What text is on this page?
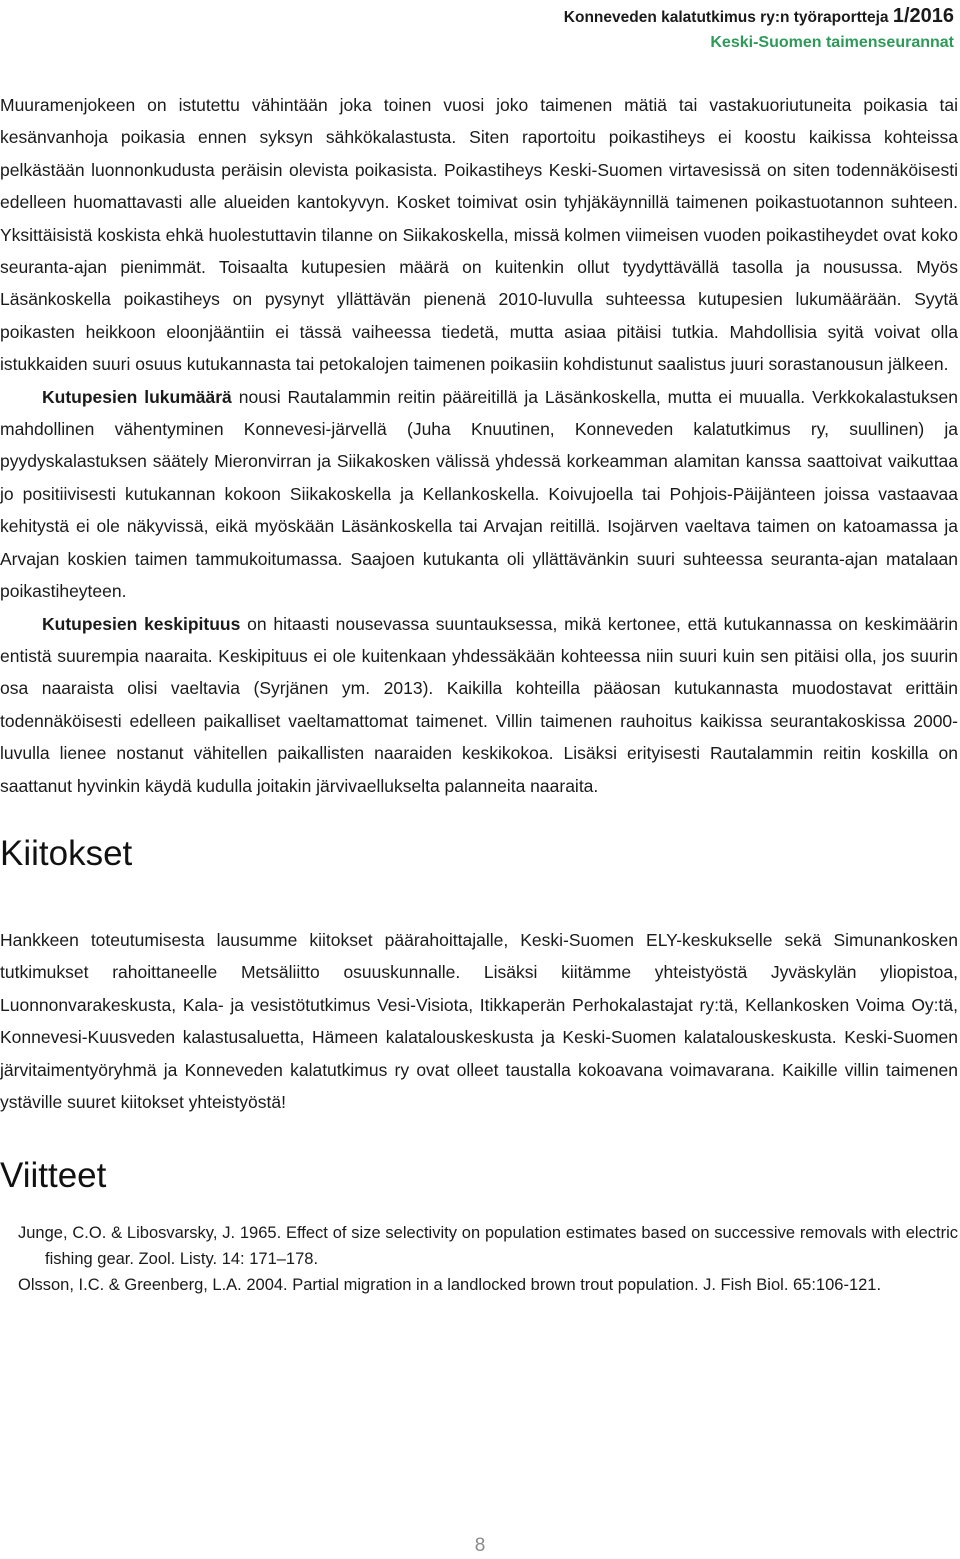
Konneveden kalatutkimus ry:n työraportteja 1/2016
Keski-Suomen taimenseurannat

Muuramenjokeen on istutettu vähintään joka toinen vuosi joko taimenen mätiä tai vastakuoriutuneita poikasia tai kesänvanhoja poikasia ennen syksyn sähkökalastusta. Siten raportoitu poikastiheys ei koostu kaikissa kohteissa pelkästään luonnonkudusta peräisin olevista poikasista. Poikastiheys Keski-Suomen virtavesissä on siten todennäköisesti edelleen huomattavasti alle alueiden kantokyvyn. Kosket toimivat osin tyhjäkäynnillä taimenen poikastuotannon suhteen. Yksittäisistä koskista ehkä huolestuttavin tilanne on Siikakoskella, missä kolmen viimeisen vuoden poikastiheydet ovat koko seuranta-ajan pienimmät. Toisaalta kutupesien määrä on kuitenkin ollut tyydyttävällä tasolla ja nousussa. Myös Läsänkoskella poikastiheys on pysynyt yllättävän pienenä 2010-luvulla suhteessa kutupesien lukumäärään. Syytä poikasten heikkoon eloonjääntiin ei tässä vaiheessa tiedetä, mutta asiaa pitäisi tutkia. Mahdollisia syitä voivat olla istukkaiden suuri osuus kutukannasta tai petokalojen taimenen poikasiin kohdistunut saalistus juuri sorastanousun jälkeen.

Kutupesien lukumäärä nousi Rautalammin reitin pääreitillä ja Läsänkoskella, mutta ei muualla. Verkkokalastuksen mahdollinen vähentyminen Konnevesi-järvellä (Juha Knuutinen, Konneveden kalatutkimus ry, suullinen) ja pyydyskalastuksen säätely Mieronvirran ja Siikakosken välissä yhdessä korkeamman alamitan kanssa saattoivat vaikuttaa jo positiivisesti kutukannan kokoon Siikakoskella ja Kellankoskella. Koivujoella tai Pohjois-Päijänteen joissa vastaavaa kehitystä ei ole näkyvissä, eikä myöskään Läsänkoskella tai Arvajan reitillä. Isojärven vaeltava taimen on katoamassa ja Arvajan koskien taimen tammukoitumassa. Saajoen kutukanta oli yllättävänkin suuri suhteessa seuranta-ajan matalaan poikastiheyteen.

Kutupesien keskipituus on hitaasti nousevassa suuntauksessa, mikä kertonee, että kutukannassa on keskimäärin entistä suurempia naaraita. Keskipituus ei ole kuitenkaan yhdessäkään kohteessa niin suuri kuin sen pitäisi olla, jos suurin osa naaraista olisi vaeltavia (Syrjänen ym. 2013). Kaikilla kohteilla pääosan kutukannasta muodostavat erittäin todennäköisesti edelleen paikalliset vaeltamattomat taimenet. Villin taimenen rauhoitus kaikissa seurantakoskissa 2000-luvulla lienee nostanut vähitellen paikallisten naaraiden keskikokoa. Lisäksi erityisesti Rautalammin reitin koskilla on saattanut hyvinkin käydä kudulla joitakin järvivaellukselta palanneita naaraita.

Kiitokset

Hankkeen toteutumisesta lausumme kiitokset päärahoittajalle, Keski-Suomen ELY-keskukselle sekä Simunankosken tutkimukset rahoittaneelle Metsäliitto osuuskunnalle. Lisäksi kiitämme yhteistyöstä Jyväskylän yliopistoa, Luonnonvarakeskusta, Kala- ja vesistötutkimus Vesi-Visiota, Itikkaperän Perhokalastajat ry:tä, Kellankosken Voima Oy:tä, Konnevesi-Kuusveden kalastusaluetta, Hämeen kalatalouskeskusta ja Keski-Suomen kalatalouskeskusta. Keski-Suomen järvitaimentyöryhmä ja Konneveden kalatutkimus ry ovat olleet taustalla kokoavana voimavarana. Kaikille villin taimenen ystäville suuret kiitokset yhteistyöstä!

Viitteet

Junge, C.O. & Libosvarsky, J. 1965. Effect of size selectivity on population estimates based on successive removals with electric fishing gear. Zool. Listy. 14: 171–178.

Olsson, I.C. & Greenberg, L.A. 2004. Partial migration in a landlocked brown trout population. J. Fish Biol. 65:106-121.

8
